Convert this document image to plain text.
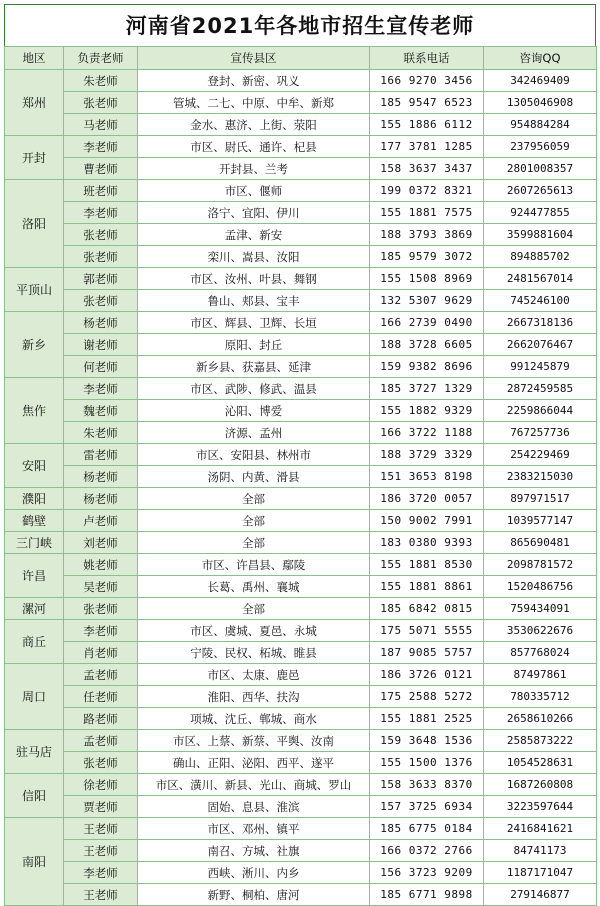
河南省2021年各地市招生宣传老师
地区	负责老师	宣传县区	联系电话	咨询QQ
郑州	朱老师	登封、新密、巩义	166 9270 3456	342469409
	张老师	管城、二七、中原、中牟、新郑	185 9547 6523	1305046908
	马老师	金水、惠济、上街、荥阳	155 1886 6112	954884284
开封	李老师	市区、尉氏、通许、杞县	177 3781 1285	237956059
	曹老师	开封县、兰考	158 3637 3437	2801008357
洛阳	班老师	市区、偃师	199 0372 8321	2607265613
	李老师	洛宁、宜阳、伊川	155 1881 7575	924477855
	张老师	孟津、新安	188 3793 3869	3599881604
	张老师	栾川、嵩县、汝阳	185 9579 3072	894885702
平顶山	郭老师	市区、汝州、叶县、舞钢	155 1508 8969	2481567014
	张老师	鲁山、郏县、宝丰	132 5307 9629	745246100
新乡	杨老师	市区、辉县、卫辉、长垣	166 2739 0490	2667318136
	谢老师	原阳、封丘	188 3728 6605	2662076467
	何老师	新乡县、获嘉县、延津	159 9382 8696	991245879
焦作	李老师	市区、武陟、修武、温县	185 3727 1329	2872459585
	魏老师	沁阳、博爱	155 1882 9329	2259866044
	朱老师	济源、孟州	166 3722 1188	767257736
安阳	雷老师	市区、安阳县、林州市	188 3729 3329	254229469
	杨老师	汤阴、内黄、滑县	151 3653 8198	2383215030
濮阳	杨老师	全部	186 3720 0057	897971517
鹤壁	卢老师	全部	150 9002 7991	1039577147
三门峡	刘老师	全部	183 0380 9393	865690481
许昌	姚老师	市区、许昌县、鄢陵	155 1881 8530	2098781572
	吴老师	长葛、禹州、襄城	155 1881 8861	1520486756
漯河	张老师	全部	185 6842 0815	759434091
商丘	李老师	市区、虞城、夏邑、永城	175 5071 5555	3530622676
	肖老师	宁陵、民权、柘城、睢县	187 9085 5757	857768024
周口	孟老师	市区、太康、鹿邑	186 3726 0121	87497861
	任老师	淮阳、西华、扶沟	175 2588 5272	780335712
	路老师	项城、沈丘、郸城、商水	155 1881 2525	2658610266
驻马店	孟老师	市区、上蔡、新蔡、平舆、汝南	159 3648 1536	2585873222
	张老师	确山、正阳、泌阳、西平、遂平	155 1500 1376	1054528631
信阳	徐老师	市区、潢川、新县、光山、商城、罗山	158 3633 8370	1687260808
	贾老师	固始、息县、淮滨	157 3725 6934	3223597644
南阳	王老师	市区、邓州、镇平	185 6775 0184	2416841621
	王老师	南召、方城、社旗	166 0372 2766	84741173
	李老师	西峡、淅川、内乡	156 3723 9209	1187171047
	王老师	新野、桐柏、唐河	185 6771 9898	279146877
